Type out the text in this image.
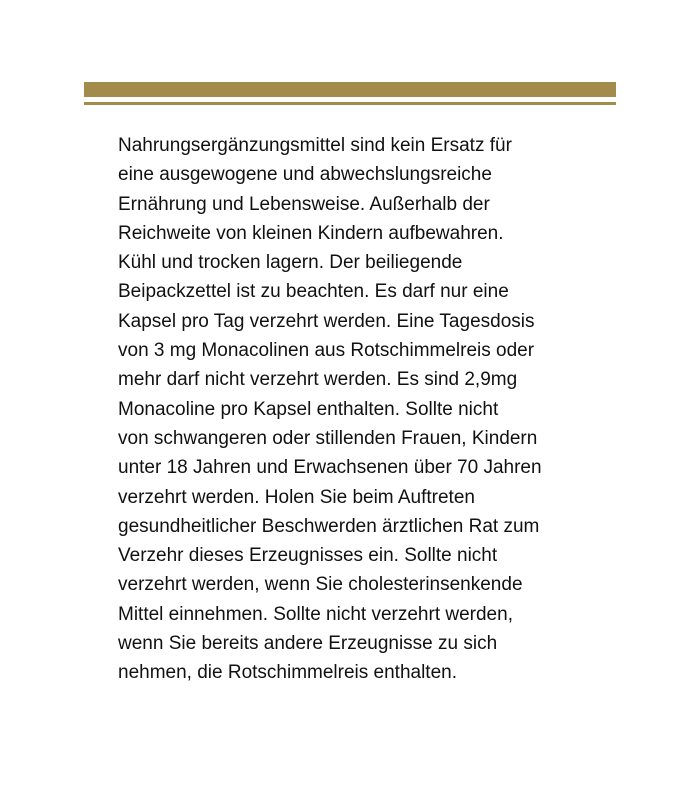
Nahrungsergänzungsmittel sind kein Ersatz für
eine ausgewogene und abwechslungsreiche
Ernährung und Lebensweise. Außerhalb der
Reichweite von kleinen Kindern aufbewahren.
Kühl und trocken lagern. Der beiliegende
Beipackzettel ist zu beachten. Es darf nur eine
Kapsel pro Tag verzehrt werden. Eine Tagesdosis
von 3 mg Monacolinen aus Rotschimmelreis oder
mehr darf nicht verzehrt werden. Es sind 2,9mg
Monacoline pro Kapsel enthalten. Sollte nicht
von schwangeren oder stillenden Frauen, Kindern
unter 18 Jahren und Erwachsenen über 70 Jahren
verzehrt werden. Holen Sie beim Auftreten
gesundheitlicher Beschwerden ärztlichen Rat zum
Verzehr dieses Erzeugnisses ein. Sollte nicht
verzehrt werden, wenn Sie cholesterinsenkende
Mittel einnehmen. Sollte nicht verzehrt werden,
wenn Sie bereits andere Erzeugnisse zu sich
nehmen, die Rotschimmelreis enthalten.
